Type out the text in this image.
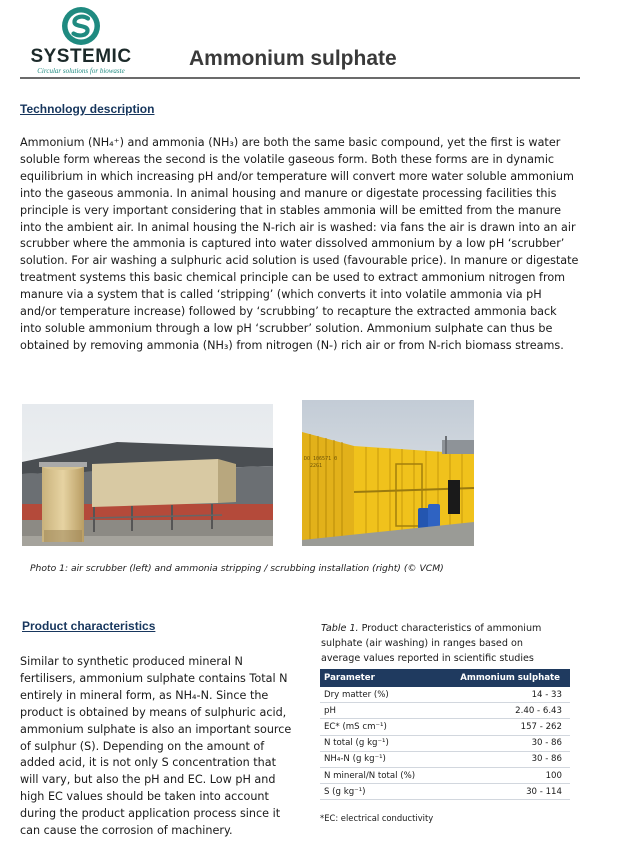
SYSTEMIC
Circular solutions for biowaste
Ammonium sulphate
Technology description

Ammonium (NH₄⁺) and ammonia (NH₃) are both the same basic compound, yet the first is water soluble form whereas the second is the volatile gaseous form. Both these forms are in dynamic equilibrium in which increasing pH and/or temperature will convert more water soluble ammonium into the gaseous ammonia. In animal housing and manure or digestate processing facilities this principle is very important considering that in stables ammonia will be emitted from the manure into the ambient air. In animal housing the N-rich air is washed: via fans the air is drawn into an air scrubber where the ammonia is captured into water dissolved ammonium by a low pH ‘scrubber’ solution. For air washing a sulphuric acid solution is used (favourable price). In manure or digestate treatment systems this basic chemical principle can be used to extract ammonium nitrogen from manure via a system that is called ‘stripping’ (which converts it into volatile ammonia via pH and/or temperature increase) followed by ‘scrubbing’ to recapture the extracted ammonia back into soluble ammonium through a low pH ‘scrubber’ solution. Ammonium sulphate can thus be obtained by removing ammonia (NH₃) from nitrogen (N-) rich air or from N-rich biomass streams.

DO 106571 0
22G1

Photo 1: air scrubber (left) and ammonia stripping / scrubbing installation (right) (© VCM)

Product characteristics

Similar to synthetic produced mineral N fertilisers, ammonium sulphate contains Total N entirely in mineral form, as NH₄-N. Since the product is obtained by means of sulphuric acid, ammonium sulphate is also an important source of sulphur (S). Depending on the amount of added acid, it is not only S concentration that will vary, but also the pH and EC. Low pH and high EC values should be taken into account during the product application process since it can cause the corrosion of machinery.

Table 1. Product characteristics of ammonium sulphate (air washing) in ranges based on average values reported in scientific studies

Parameter	Ammonium sulphate
Dry matter (%)	14 - 33
pH	2.40 - 6.43
EC* (mS cm⁻¹)	157 - 262
N total (g kg⁻¹)	30 - 86
NH₄-N (g kg⁻¹)	30 - 86
N mineral/N total (%)	100
S (g kg⁻¹)	30 - 114

*EC: electrical conductivity
